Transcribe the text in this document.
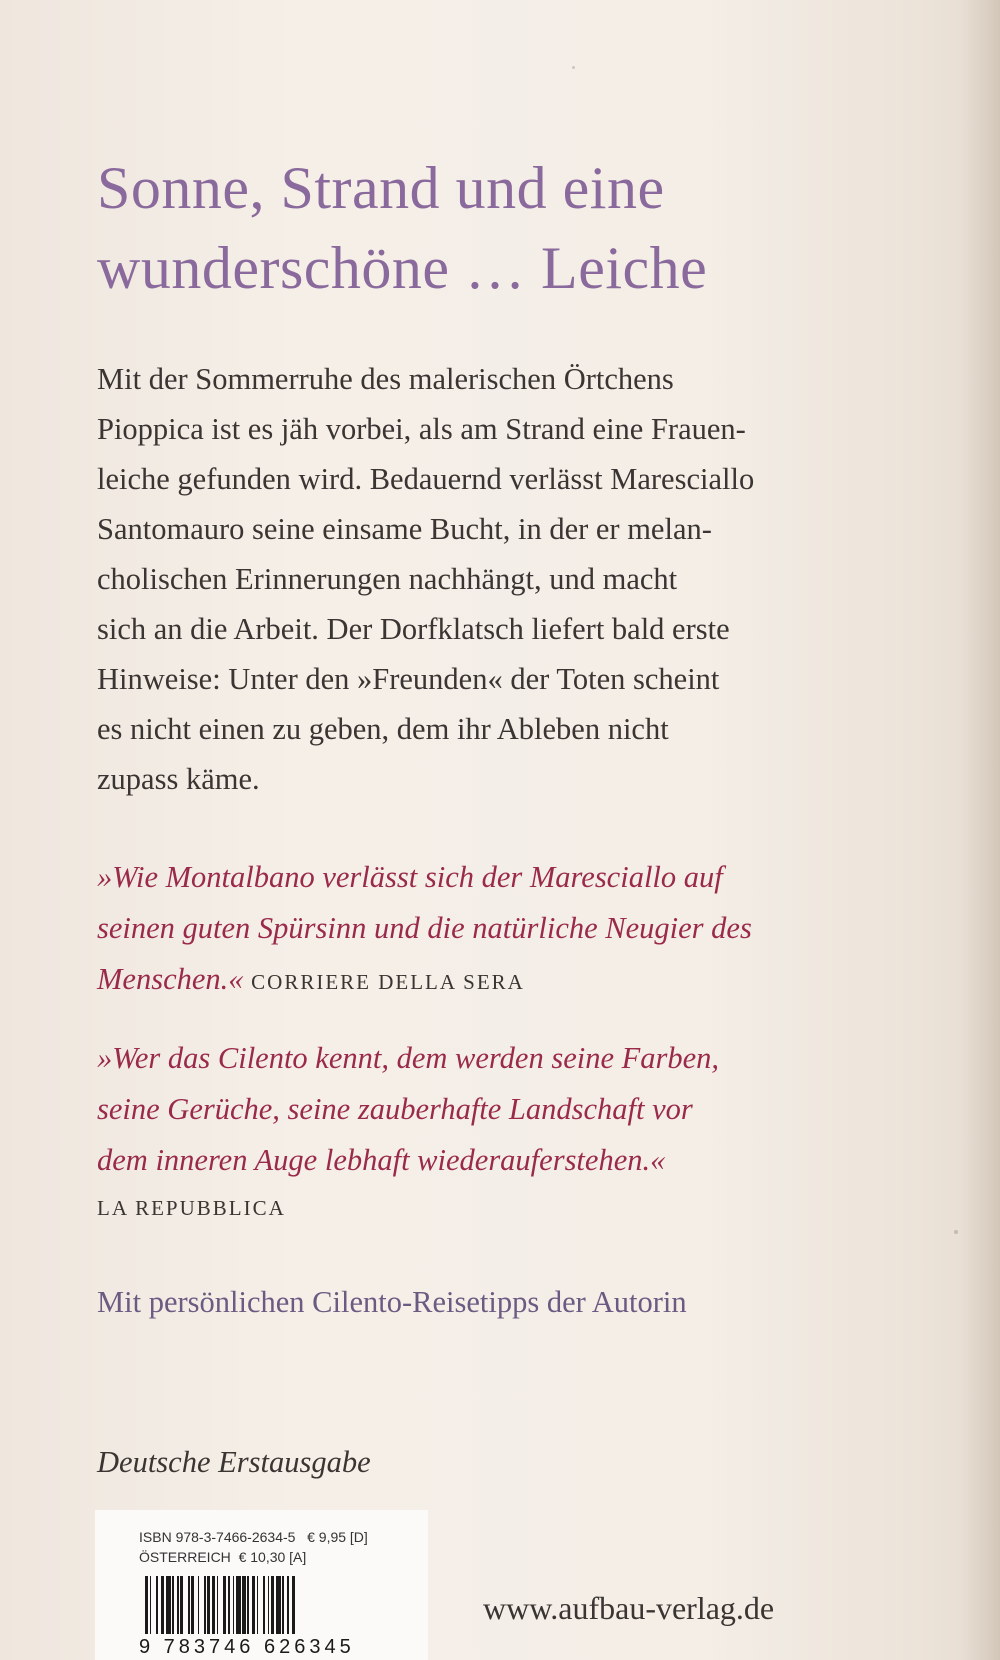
Sonne, Strand und eine
wunderschöne … Leiche

Mit der Sommerruhe des malerischen Örtchens
Pioppica ist es jäh vorbei, als am Strand eine Frauen-
leiche gefunden wird. Bedauernd verlässt Maresciallo
Santomauro seine einsame Bucht, in der er melan-
cholischen Erinnerungen nachhängt, und macht
sich an die Arbeit. Der Dorfklatsch liefert bald erste
Hinweise: Unter den »Freunden« der Toten scheint
es nicht einen zu geben, dem ihr Ableben nicht
zupass käme.

»Wie Montalbano verlässt sich der Maresciallo auf
seinen guten Spürsinn und die natürliche Neugier des
Menschen.« CORRIERE DELLA SERA

»Wer das Cilento kennt, dem werden seine Farben,
seine Gerüche, seine zauberhafte Landschaft vor
dem inneren Auge lebhaft wiederauferstehen.«
LA REPUBBLICA

Mit persönlichen Cilento-Reisetipps der Autorin

Deutsche Erstausgabe

ISBN 978-3-7466-2634-5   € 9,95 [D]
ÖSTERREICH  € 10,30 [A]
9 783746 626345

www.aufbau-verlag.de
